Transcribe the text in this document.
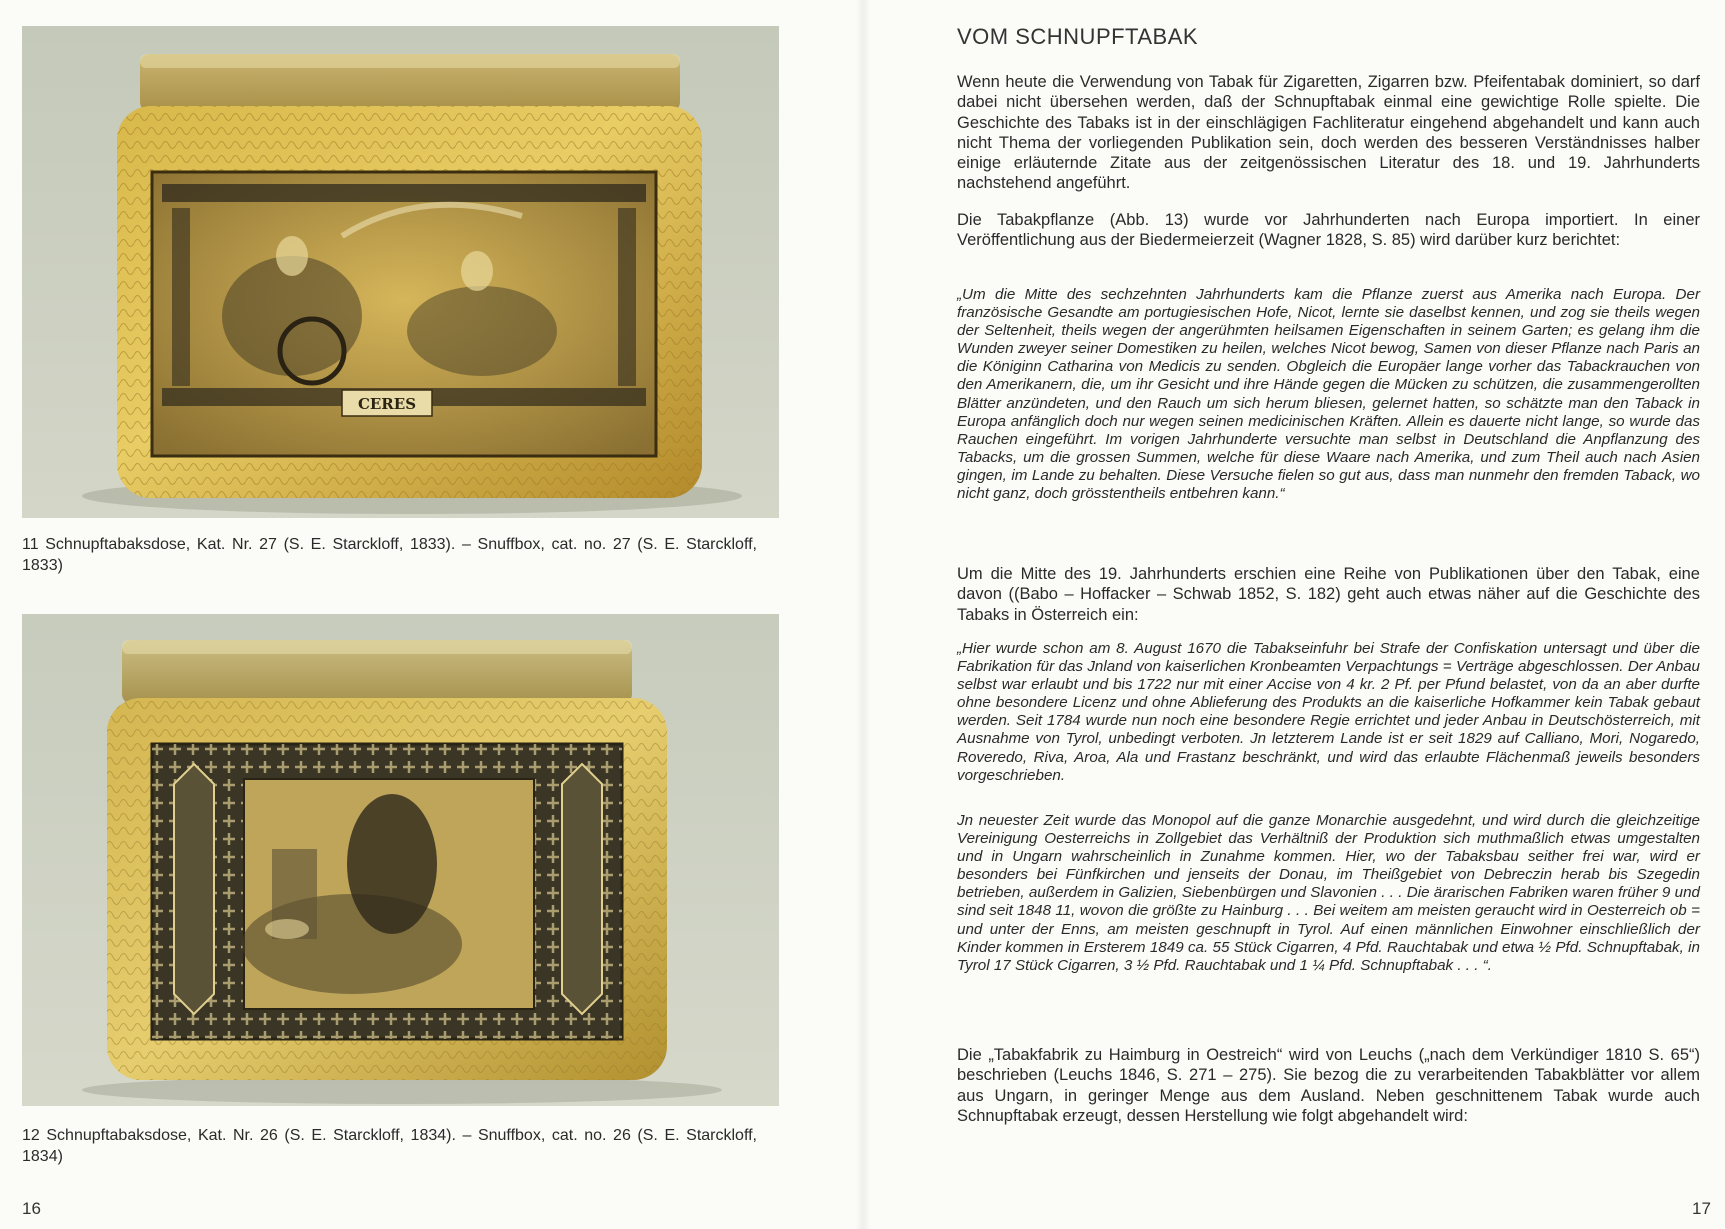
CERES
11 Schnupftabaksdose, Kat. Nr. 27 (S. E. Starckloff, 1833). – Snuffbox, cat. no. 27 (S. E. Starckloff, 1833)
12 Schnupftabaksdose, Kat. Nr. 26 (S. E. Starckloff, 1834). – Snuffbox, cat. no. 26 (S. E. Starckloff, 1834)
16
VOM SCHNUPFTABAK

Wenn heute die Verwendung von Tabak für Zigaretten, Zigarren bzw. Pfeifentabak dominiert, so darf dabei nicht übersehen werden, daß der Schnupftabak einmal eine gewichtige Rolle spielte. Die Geschichte des Tabaks ist in der einschlägigen Fachliteratur eingehend abgehandelt und kann auch nicht Thema der vorliegenden Publikation sein, doch werden des besseren Verständnisses halber einige erläuternde Zitate aus der zeitgenössischen Literatur des 18. und 19. Jahrhunderts nachstehend angeführt.

Die Tabakpflanze (Abb. 13) wurde vor Jahrhunderten nach Europa importiert. In einer Veröffentlichung aus der Biedermeierzeit (Wagner 1828, S. 85) wird darüber kurz berichtet:

„Um die Mitte des sechzehnten Jahrhunderts kam die Pflanze zuerst aus Amerika nach Europa. Der französische Gesandte am portugiesischen Hofe, Nicot, lernte sie daselbst kennen, und zog sie theils wegen der Seltenheit, theils wegen der angerühmten heilsamen Eigenschaften in seinem Garten; es gelang ihm die Wunden zweyer seiner Domestiken zu heilen, welches Nicot bewog, Samen von dieser Pflanze nach Paris an die Königinn Catharina von Medicis zu senden. Obgleich die Europäer lange vorher das Tabackrauchen von den Amerikanern, die, um ihr Gesicht und ihre Hände gegen die Mücken zu schützen, die zusammengerollten Blätter anzündeten, und den Rauch um sich herum bliesen, gelernet hatten, so schätzte man den Taback in Europa anfänglich doch nur wegen seinen medicinischen Kräften. Allein es dauerte nicht lange, so wurde das Rauchen eingeführt. Im vorigen Jahrhunderte versuchte man selbst in Deutschland die Anpflanzung des Tabacks, um die grossen Summen, welche für diese Waare nach Amerika, und zum Theil auch nach Asien gingen, im Lande zu behalten. Diese Versuche fielen so gut aus, dass man nunmehr den fremden Taback, wo nicht ganz, doch grösstentheils entbehren kann.“

Um die Mitte des 19. Jahrhunderts erschien eine Reihe von Publikationen über den Tabak, eine davon ((Babo – Hoffacker – Schwab 1852, S. 182) geht auch etwas näher auf die Geschichte des Tabaks in Österreich ein:

„Hier wurde schon am 8. August 1670 die Tabakseinfuhr bei Strafe der Confiskation untersagt und über die Fabrikation für das Jnland von kaiserlichen Kronbeamten Verpachtungs = Verträge abgeschlossen. Der Anbau selbst war erlaubt und bis 1722 nur mit einer Accise von 4 kr. 2 Pf. per Pfund belastet, von da an aber durfte ohne besondere Licenz und ohne Ablieferung des Produkts an die kaiserliche Hofkammer kein Tabak gebaut werden. Seit 1784 wurde nun noch eine besondere Regie errichtet und jeder Anbau in Deutschösterreich, mit Ausnahme von Tyrol, unbedingt verboten. Jn letzterem Lande ist er seit 1829 auf Calliano, Mori, Nogaredo, Roveredo, Riva, Aroa, Ala und Frastanz beschränkt, und wird das erlaubte Flächenmaß jeweils besonders vorgeschrieben.

Jn neuester Zeit wurde das Monopol auf die ganze Monarchie ausgedehnt, und wird durch die gleichzeitige Vereinigung Oesterreichs in Zollgebiet das Verhältniß der Produktion sich muthmaßlich etwas umgestalten und in Ungarn wahrscheinlich in Zunahme kommen. Hier, wo der Tabaksbau seither frei war, wird er besonders bei Fünfkirchen und jenseits der Donau, im Theißgebiet von Debreczin herab bis Szegedin betrieben, außerdem in Galizien, Siebenbürgen und Slavonien . . . Die ärarischen Fabriken waren früher 9 und sind seit 1848 11, wovon die größte zu Hainburg . . . Bei weitem am meisten geraucht wird in Oesterreich ob = und unter der Enns, am meisten geschnupft in Tyrol. Auf einen männlichen Einwohner einschließlich der Kinder kommen in Ersterem 1849 ca. 55 Stück Cigarren, 4 Pfd. Rauchtabak und etwa ½ Pfd. Schnupftabak, in Tyrol 17 Stück Cigarren, 3 ½ Pfd. Rauchtabak und 1 ¼ Pfd. Schnupftabak . . . “.

Die „Tabakfabrik zu Haimburg in Oestreich“ wird von Leuchs („nach dem Verkündiger 1810 S. 65“) beschrieben (Leuchs 1846, S. 271 – 275). Sie bezog die zu verarbeitenden Tabakblätter vor allem aus Ungarn, in geringer Menge aus dem Ausland. Neben geschnittenem Tabak wurde auch Schnupftabak erzeugt, dessen Herstellung wie folgt abgehandelt wird:

17
